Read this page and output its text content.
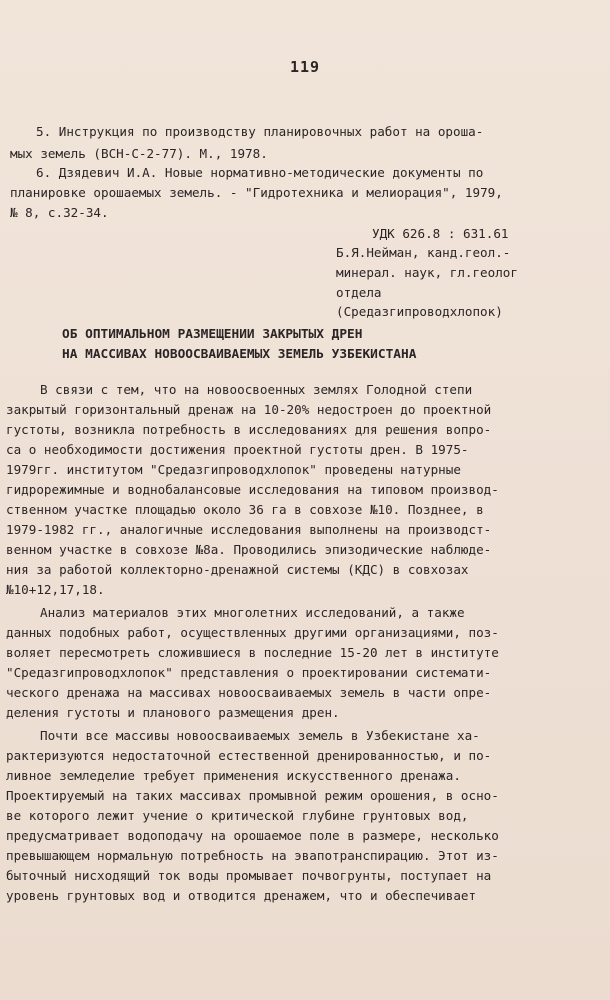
119

5. Инструкция по производству планировочных работ на ороша-

мых земель (ВСН-С-2-77). М., 1978.

6. Дзядевич И.А. Новые нормативно-методические документы по

планировке орошаемых земель. - "Гидротехника и мелиорация", 1979,

№ 8, с.32-34.

УДК 626.8 : 631.61

Б.Я.Нейман, канд.геол.-

минерал. наук, гл.геолог

отдела

(Средазгипроводхлопок)

ОБ ОПТИМАЛЬНОМ РАЗМЕЩЕНИИ ЗАКРЫТЫХ ДРЕН

НА МАССИВАХ НОВООСВАИВАЕМЫХ ЗЕМЕЛЬ УЗБЕКИСТАНА

В связи с тем, что на новоосвоенных землях Голодной степи

закрытый горизонтальный дренаж на 10-20% недостроен до проектной

густоты, возникла потребность в исследованиях для решения вопро-

са о необходимости достижения проектной густоты дрен. В 1975-

1979гг. институтом "Средазгипроводхлопок" проведены натурные

гидрорежимные и воднобалансовые исследования на типовом производ-

ственном участке площадью около 36 га в совхозе №10. Позднее, в

1979-1982 гг., аналогичные исследования выполнены на производст-

венном участке в совхозе №8а. Проводились эпизодические наблюде-

ния за работой коллекторно-дренажной системы (КДС) в совхозах

№10+12,17,18.

Анализ материалов этих многолетних исследований, а также

данных подобных работ, осуществленных другими организациями, поз-

воляет пересмотреть сложившиеся в последние 15-20 лет в институте

"Средазгипроводхлопок" представления о проектировании системати-

ческого дренажа на массивах новоосваиваемых земель в части опре-

деления густоты и планового размещения дрен.

Почти все массивы новоосваиваемых земель в Узбекистане ха-

рактеризуются недостаточной естественной дренированностью, и по-

ливное земледелие требует применения искусственного дренажа.

Проектируемый на таких массивах промывной режим орошения, в осно-

ве которого лежит учение о критической глубине грунтовых вод,

предусматривает водоподачу на орошаемое поле в размере, несколько

превышающем нормальную потребность на эвапотранспирацию. Этот из-

быточный нисходящий ток воды промывает почвогрунты, поступает на

уровень грунтовых вод и отводится дренажем, что и обеспечивает
